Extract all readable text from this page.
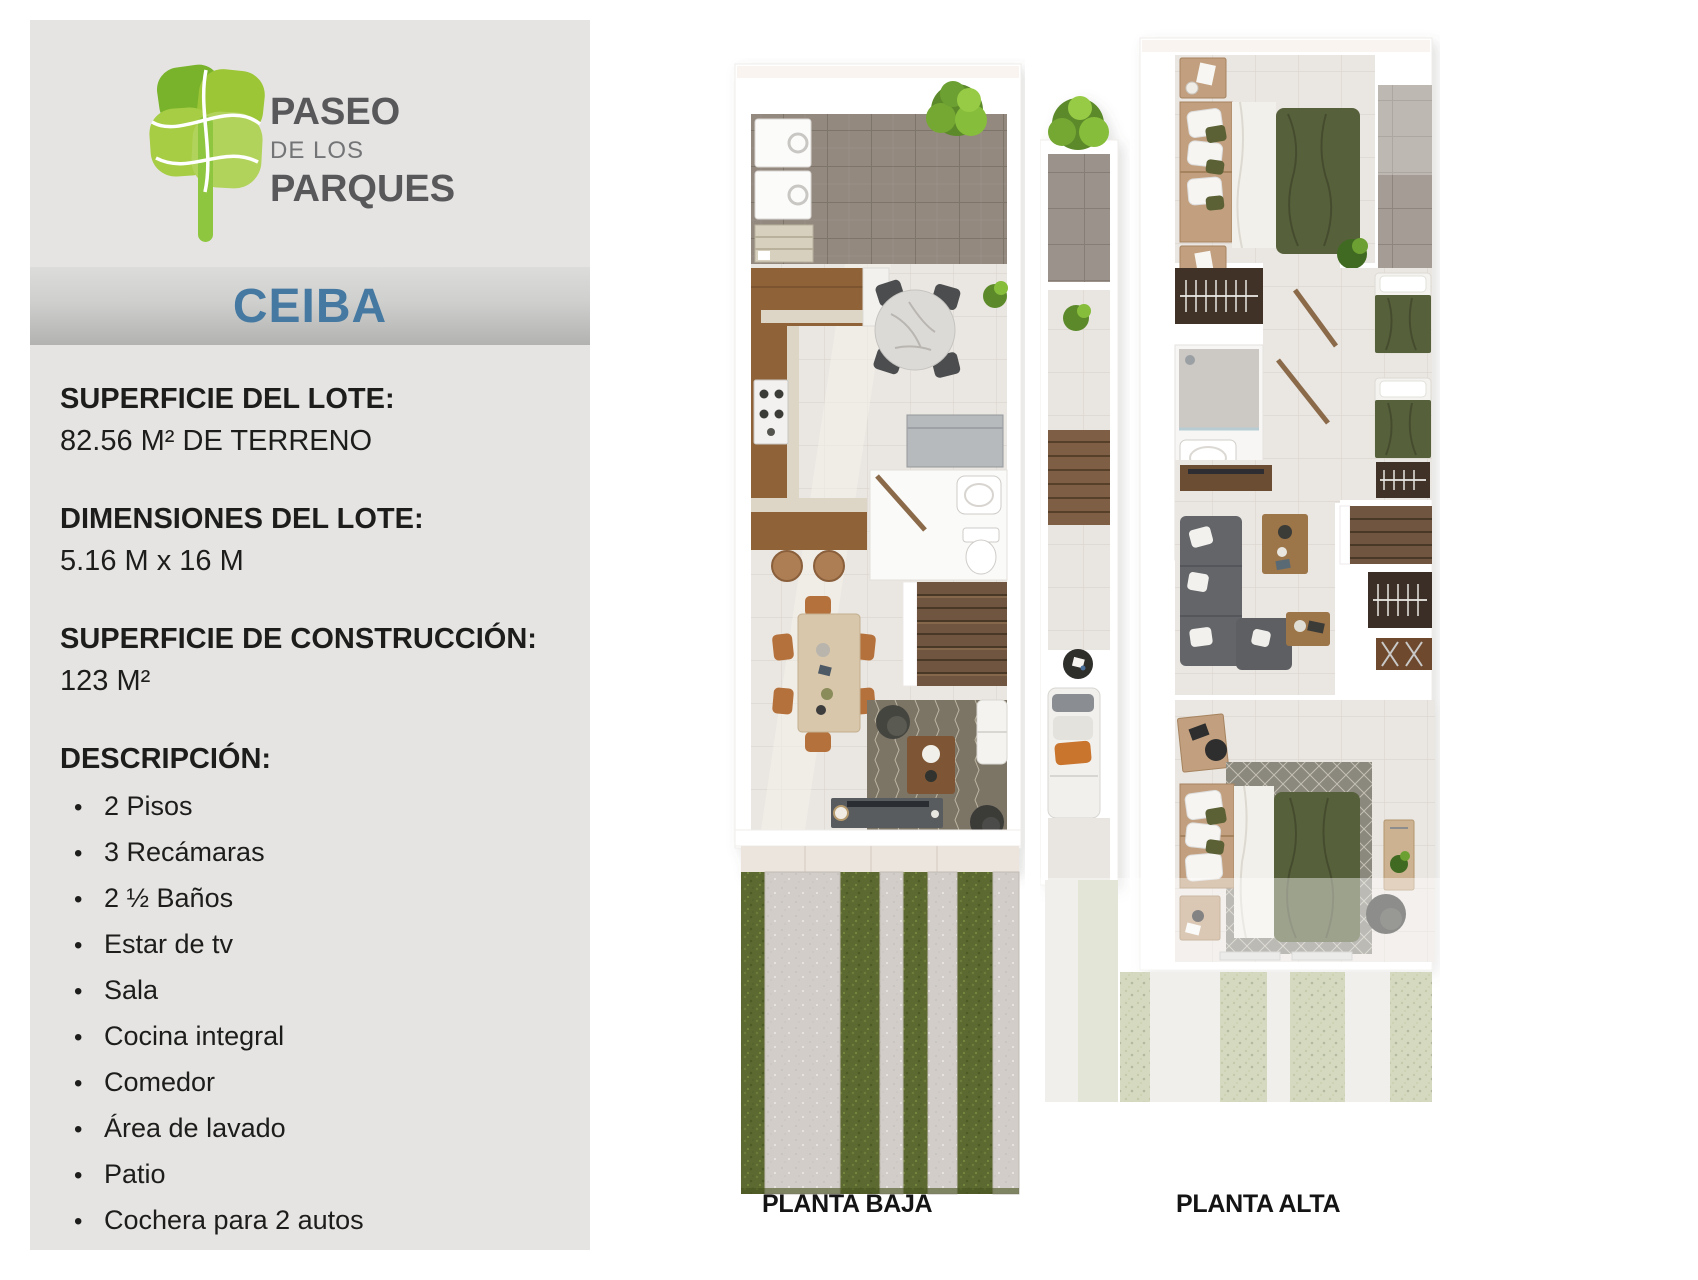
PASEO
DE LOS
PARQUES
CEIBA
SUPERFICIE DEL LOTE:
82.56 M² DE TERRENO
DIMENSIONES DEL LOTE:
5.16 M x 16 M
SUPERFICIE DE CONSTRUCCIÓN:
123 M²
DESCRIPCIÓN:
• 2 Pisos
• 3 Recámaras
• 2 ½ Baños
• Estar de tv
• Sala
• Cocina integral
• Comedor
• Área de lavado
• Patio
• Cochera para 2 autos
PLANTA BAJA	PLANTA ALTA
